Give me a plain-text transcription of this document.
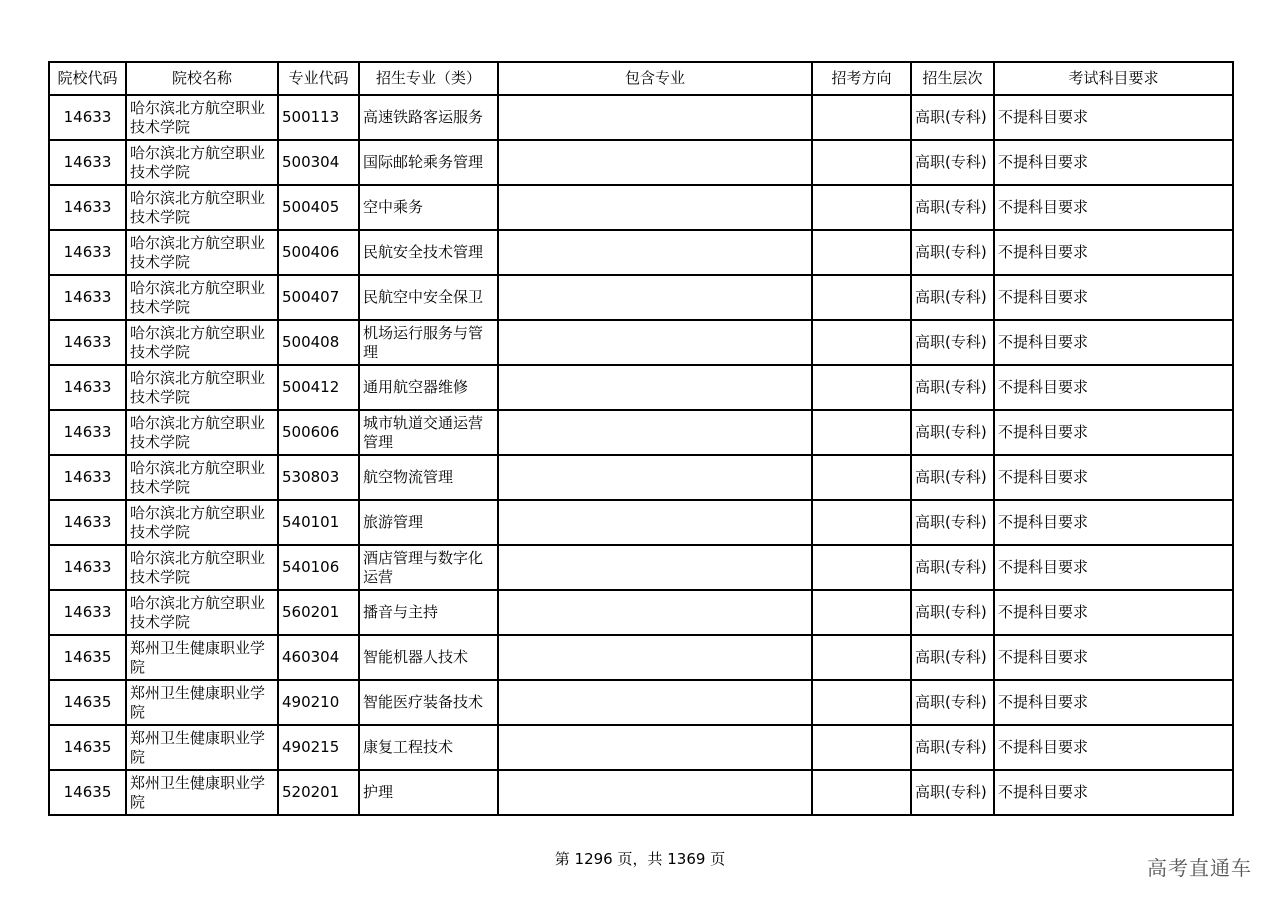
院校代码	院校名称	专业代码	招生专业（类）	包含专业	招考方向	招生层次	考试科目要求
14633	哈尔滨北方航空职业技术学院	500113	高速铁路客运服务			高职(专科)	不提科目要求
14633	哈尔滨北方航空职业技术学院	500304	国际邮轮乘务管理			高职(专科)	不提科目要求
14633	哈尔滨北方航空职业技术学院	500405	空中乘务			高职(专科)	不提科目要求
14633	哈尔滨北方航空职业技术学院	500406	民航安全技术管理			高职(专科)	不提科目要求
14633	哈尔滨北方航空职业技术学院	500407	民航空中安全保卫			高职(专科)	不提科目要求
14633	哈尔滨北方航空职业技术学院	500408	机场运行服务与管理			高职(专科)	不提科目要求
14633	哈尔滨北方航空职业技术学院	500412	通用航空器维修			高职(专科)	不提科目要求
14633	哈尔滨北方航空职业技术学院	500606	城市轨道交通运营管理			高职(专科)	不提科目要求
14633	哈尔滨北方航空职业技术学院	530803	航空物流管理			高职(专科)	不提科目要求
14633	哈尔滨北方航空职业技术学院	540101	旅游管理			高职(专科)	不提科目要求
14633	哈尔滨北方航空职业技术学院	540106	酒店管理与数字化运营			高职(专科)	不提科目要求
14633	哈尔滨北方航空职业技术学院	560201	播音与主持			高职(专科)	不提科目要求
14635	郑州卫生健康职业学院	460304	智能机器人技术			高职(专科)	不提科目要求
14635	郑州卫生健康职业学院	490210	智能医疗装备技术			高职(专科)	不提科目要求
14635	郑州卫生健康职业学院	490215	康复工程技术			高职(专科)	不提科目要求
14635	郑州卫生健康职业学院	520201	护理			高职(专科)	不提科目要求
第 1296 页，共 1369 页	高考直通车
